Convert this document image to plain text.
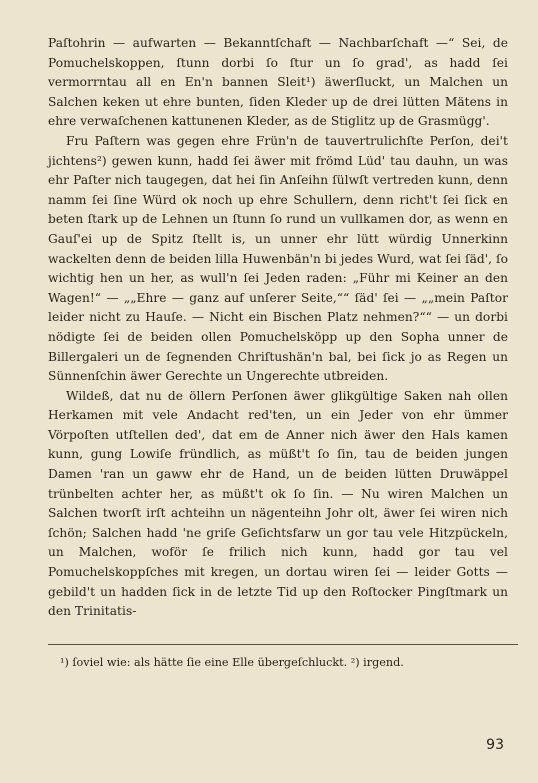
Paſtohrin — aufwarten — Bekanntſchaft — Nachbarſchaft —“ Sei, de Pomuchelskoppen, ſtunn dorbi ſo ſtur un ſo grad', as hadd ſei vermorrntau all en En'n bannen Sleit¹) äwerſluckt, un Malchen un Salchen keken ut ehre bunten, ſiden Kleder up de drei lütten Mätens in ehre verwaſchenen kattunenen Kleder, as de Stiglitz up de Grasmügg'.

Fru Paſtern was gegen ehre Frün'n de tauvertrulichſte Perſon, dei't jichtens²) gewen kunn, hadd ſei äwer mit frömd Lüd' tau dauhn, un was ehr Paſter nich taugegen, dat hei ſin Anſeihn ſülwſt vertreden kunn, denn namm ſei ſine Würd ok noch up ehre Schullern, denn richt't ſei ſick en beten ſtark up de Lehnen un ſtunn ſo rund un vullkamen dor, as wenn en Gauſ'ei up de Spitz ſtellt is, un unner ehr lütt würdig Unnerkinn wackelten denn de beiden lilla Huwenbän'n bi jedes Wurd, wat ſei ſäd', ſo wichtig hen un her, as wull'n ſei Jeden raden: „Führ mi Keiner an den Wagen!“ — „„Ehre — ganz auf unſerer Seite,““ ſäd' ſei — „„mein Paſtor leider nicht zu Hauſe. — Nicht ein Bischen Platz nehmen?““ — un dorbi nödigte ſei de beiden ollen Pomuchelsköpp up den Sopha unner de Billergaleri un de ſegnenden Chriſtushän'n bal, bei ſick jo as Regen un Sünnenſchin äwer Gerechte un Ungerechte utbreiden.

Wildeß, dat nu de öllern Perſonen äwer glikgültige Saken nah ollen Herkamen mit vele Andacht red'ten, un ein Jeder von ehr ümmer Vörpoſten utſtellen ded', dat em de Anner nich äwer den Hals kamen kunn, gung Lowiſe fründlich, as müßt't ſo ſin, tau de beiden jungen Damen 'ran un gaww ehr de Hand, un de beiden lütten Druwäppel trünbelten achter her, as müßt't ok ſo ſin. — Nu wiren Malchen un Salchen tworſt irſt achteihn un nägenteihn Johr olt, äwer ſei wiren nich ſchön; Salchen hadd 'ne griſe Geſichtsfarw un gor tau vele Hitzpückeln, un Malchen, woför ſe frilich nich kunn, hadd gor tau vel Pomuchelskoppſches mit kregen, un dortau wiren ſei — leider Gotts — gebild't un hadden ſick in de letzte Tid up den Roſtocker Pingſtmark un den Trinitatis-

¹) ſoviel wie: als hätte ſie eine Elle übergeſchluckt. ²) irgend.
93
